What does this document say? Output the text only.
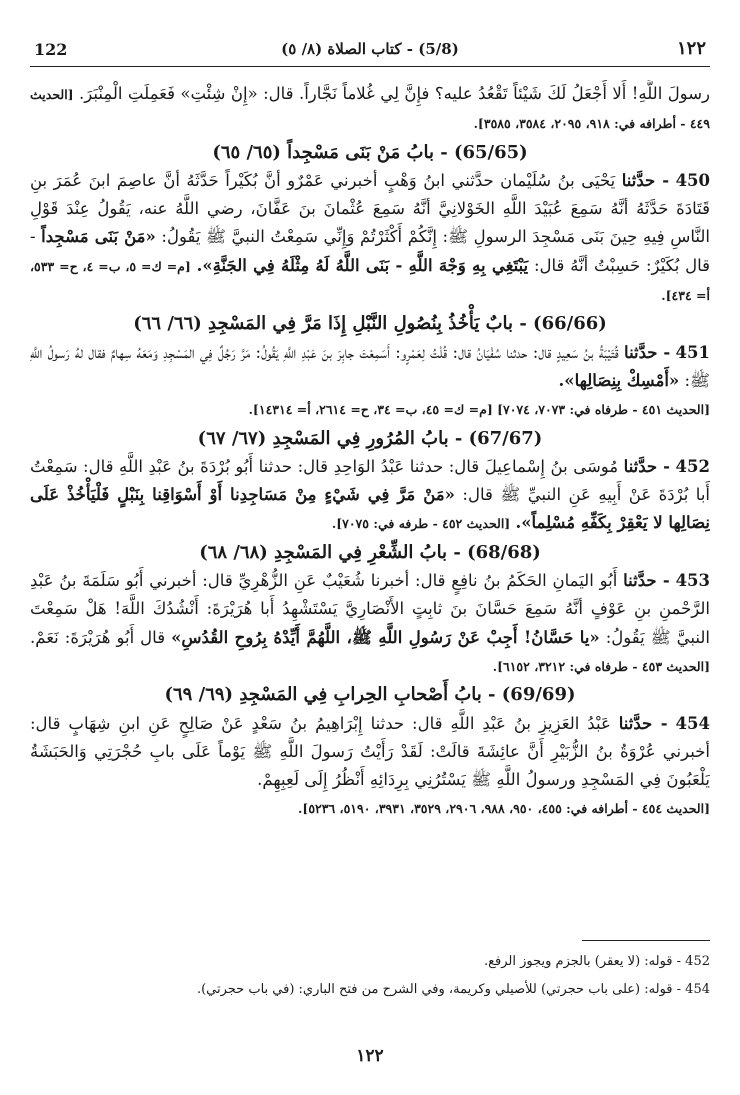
122	(5/8) - كتاب الصلاة (٨/ ٥)	١٢٢

رسولَ اللَّهِ! أَلا أَجْعَلُ لَكَ شَيْئاً تَقْعُدُ عليه؟ فإِنَّ لِي غُلاماً نَجَّاراً. قال: «إِنْ شِئْتِ» فَعَمِلَتِ الْمِنْبَرَ. [الحديث ٤٤٩ - أطرافه في: ٩١٨، ٢٠٩٥، ٣٥٨٤، ٣٥٨٥].

(65/65) - بابُ مَنْ بَنَى مَسْجِداً (٦٥/ ٦٥)

450 - حدَّثنا يَحْيَى بنُ سُلَيْمان حدَّثني ابنُ وَهْبٍ أخبرني عَمْرٌو أنَّ بُكَيْراً حَدَّثَهُ أنَّ عاصِمَ ابنَ عُمَرَ بنِ قَتَادَةَ حَدَّثَهُ أنَّهُ سَمِعَ عُبَيْدَ اللَّهِ الخَوْلانِيَّ أنَّهُ سَمِعَ عُثْمانَ بنَ عَفَّانَ، رضي اللَّهُ عنه، يَقُولُ عِنْدَ قَوْلِ النَّاسِ فِيهِ حِينَ بَنَى مَسْجِدَ الرسولِ ﷺ: إِنَّكُمْ أَكْثَرْتُمْ وَإِنِّي سَمِعْتُ النبيَّ ﷺ يَقُولُ: «مَنْ بَنَى مَسْجِداً - قال بُكَيْرٌ: حَسِبْتُ أنَّهُ قال: يَبْتَغِي بِهِ وَجْهَ اللَّهِ - بَنَى اللَّهُ لَهُ مِثْلَهُ فِي الجَنَّةِ». [م= ك= ٥، ب= ٤، ح= ٥٣٣، أ= ٤٣٤].

(66/66) - بابٌ يَأْخُذُ بِنُصُولِ النَّبْلِ إِذَا مَرَّ فِي المَسْجِدِ (٦٦/ ٦٦)

451 - حدَّثنا قُتَيْبَةُ بنُ سَعِيدٍ قال: حدثنا سُفْيَانُ قال: قُلْتُ لِعَمْرٍو: أَسَمِعْتَ جابِرَ بنَ عَبْدِ اللَّهِ يَقُولُ: مَرَّ رَجُلٌ فِي المَسْجِدِ وَمَعَهُ سِهامٌ فقال لهُ رَسولُ اللَّهِ ﷺ: «أَمْسِكْ بِنِصَالِها».

[الحديث ٤٥١ - طرفاه في: ٧٠٧٣، ٧٠٧٤] [م= ك= ٤٥، ب= ٣٤، ح= ٢٦١٤، أ= ١٤٣١٤].

(67/67) - بابُ المُرُورِ فِي المَسْجِدِ (٦٧/ ٦٧)

452 - حدَّثنا مُوسَى بنُ إِسْماعِيلَ قال: حدثنا عَبْدُ الوَاحِدِ قال: حدثنا أَبُو بُرْدَةَ بنُ عَبْدِ اللَّهِ قال: سَمِعْتُ أَبا بُرْدَةَ عَنْ أَبِيهِ عَنِ النبيِّ ﷺ قال: «مَنْ مَرَّ فِي شَيْءٍ مِنْ مَسَاجِدِنا أَوْ أَسْوَاقِنا بِنَبْلٍ فَلْيَأْخُذْ عَلَى نِصَالِها لا يَعْقِرْ بِكَفِّهِ مُسْلِماً». [الحديث ٤٥٢ - طرفه في: ٧٠٧٥].

(68/68) - بابُ الشِّعْرِ فِي المَسْجِدِ (٦٨/ ٦٨)

453 - حدَّثنا أَبُو اليَمانِ الحَكَمُ بنُ نافِعٍ قال: أخبرنا شُعَيْبٌ عَنِ الزُّهْرِيِّ قال: أخبرني أَبُو سَلَمَةَ بنُ عَبْدِ الرَّحْمنِ بنِ عَوْفٍ أنَّهُ سَمِعَ حَسَّانَ بنَ ثابِتٍ الأَنْصَارِيَّ يَسْتَشْهِدُ أَبا هُرَيْرَةَ: أَنْشُدُكَ اللَّهَ! هَلْ سَمِعْتَ النبيَّ ﷺ يَقُولُ: «يا حَسَّانُ! أَجِبْ عَنْ رَسُولِ اللَّهِ ﷺ، اللَّهُمَّ أَيِّدْهُ بِرُوحِ القُدُسِ» قال أَبُو هُرَيْرَةَ: نَعَمْ. [الحديث ٤٥٣ - طرفاه في: ٣٢١٢، ٦١٥٢].

(69/69) - بابُ أَصْحابِ الحِرابِ فِي المَسْجِدِ (٦٩/ ٦٩)

454 - حدَّثنا عَبْدُ العَزِيزِ بنُ عَبْدِ اللَّهِ قال: حدثنا إِبْرَاهِيمُ بنُ سَعْدٍ عَنْ صَالِحٍ عَنِ ابنِ شِهَابٍ قال: أخبرني عُرْوَةُ بنُ الزُّبَيْرِ أَنَّ عائِشَةَ قالَتْ: لَقَدْ رَأَيْتُ رَسولَ اللَّهِ ﷺ يَوْماً عَلَى بابِ حُجْرَتِي وَالحَبَشَةُ يَلْعَبُونَ فِي المَسْجِدِ ورسولُ اللَّهِ ﷺ يَسْتُرُنِي بِرِدَائِهِ أَنْظُرُ إِلَى لَعِبِهِمْ.

[الحديث ٤٥٤ - أطرافه في: ٤٥٥، ٩٥٠، ٩٨٨، ٢٩٠٦، ٣٥٢٩، ٣٩٣١، ٥١٩٠، ٥٢٣٦].

452 - قوله: (لا يعقر) بالجزم ويجوز الرفع.

454 - قوله: (على باب حجرتي) للأصيلي وكريمة، وفي الشرح من فتح الباري: (في باب حجرتي).

١٢٢
